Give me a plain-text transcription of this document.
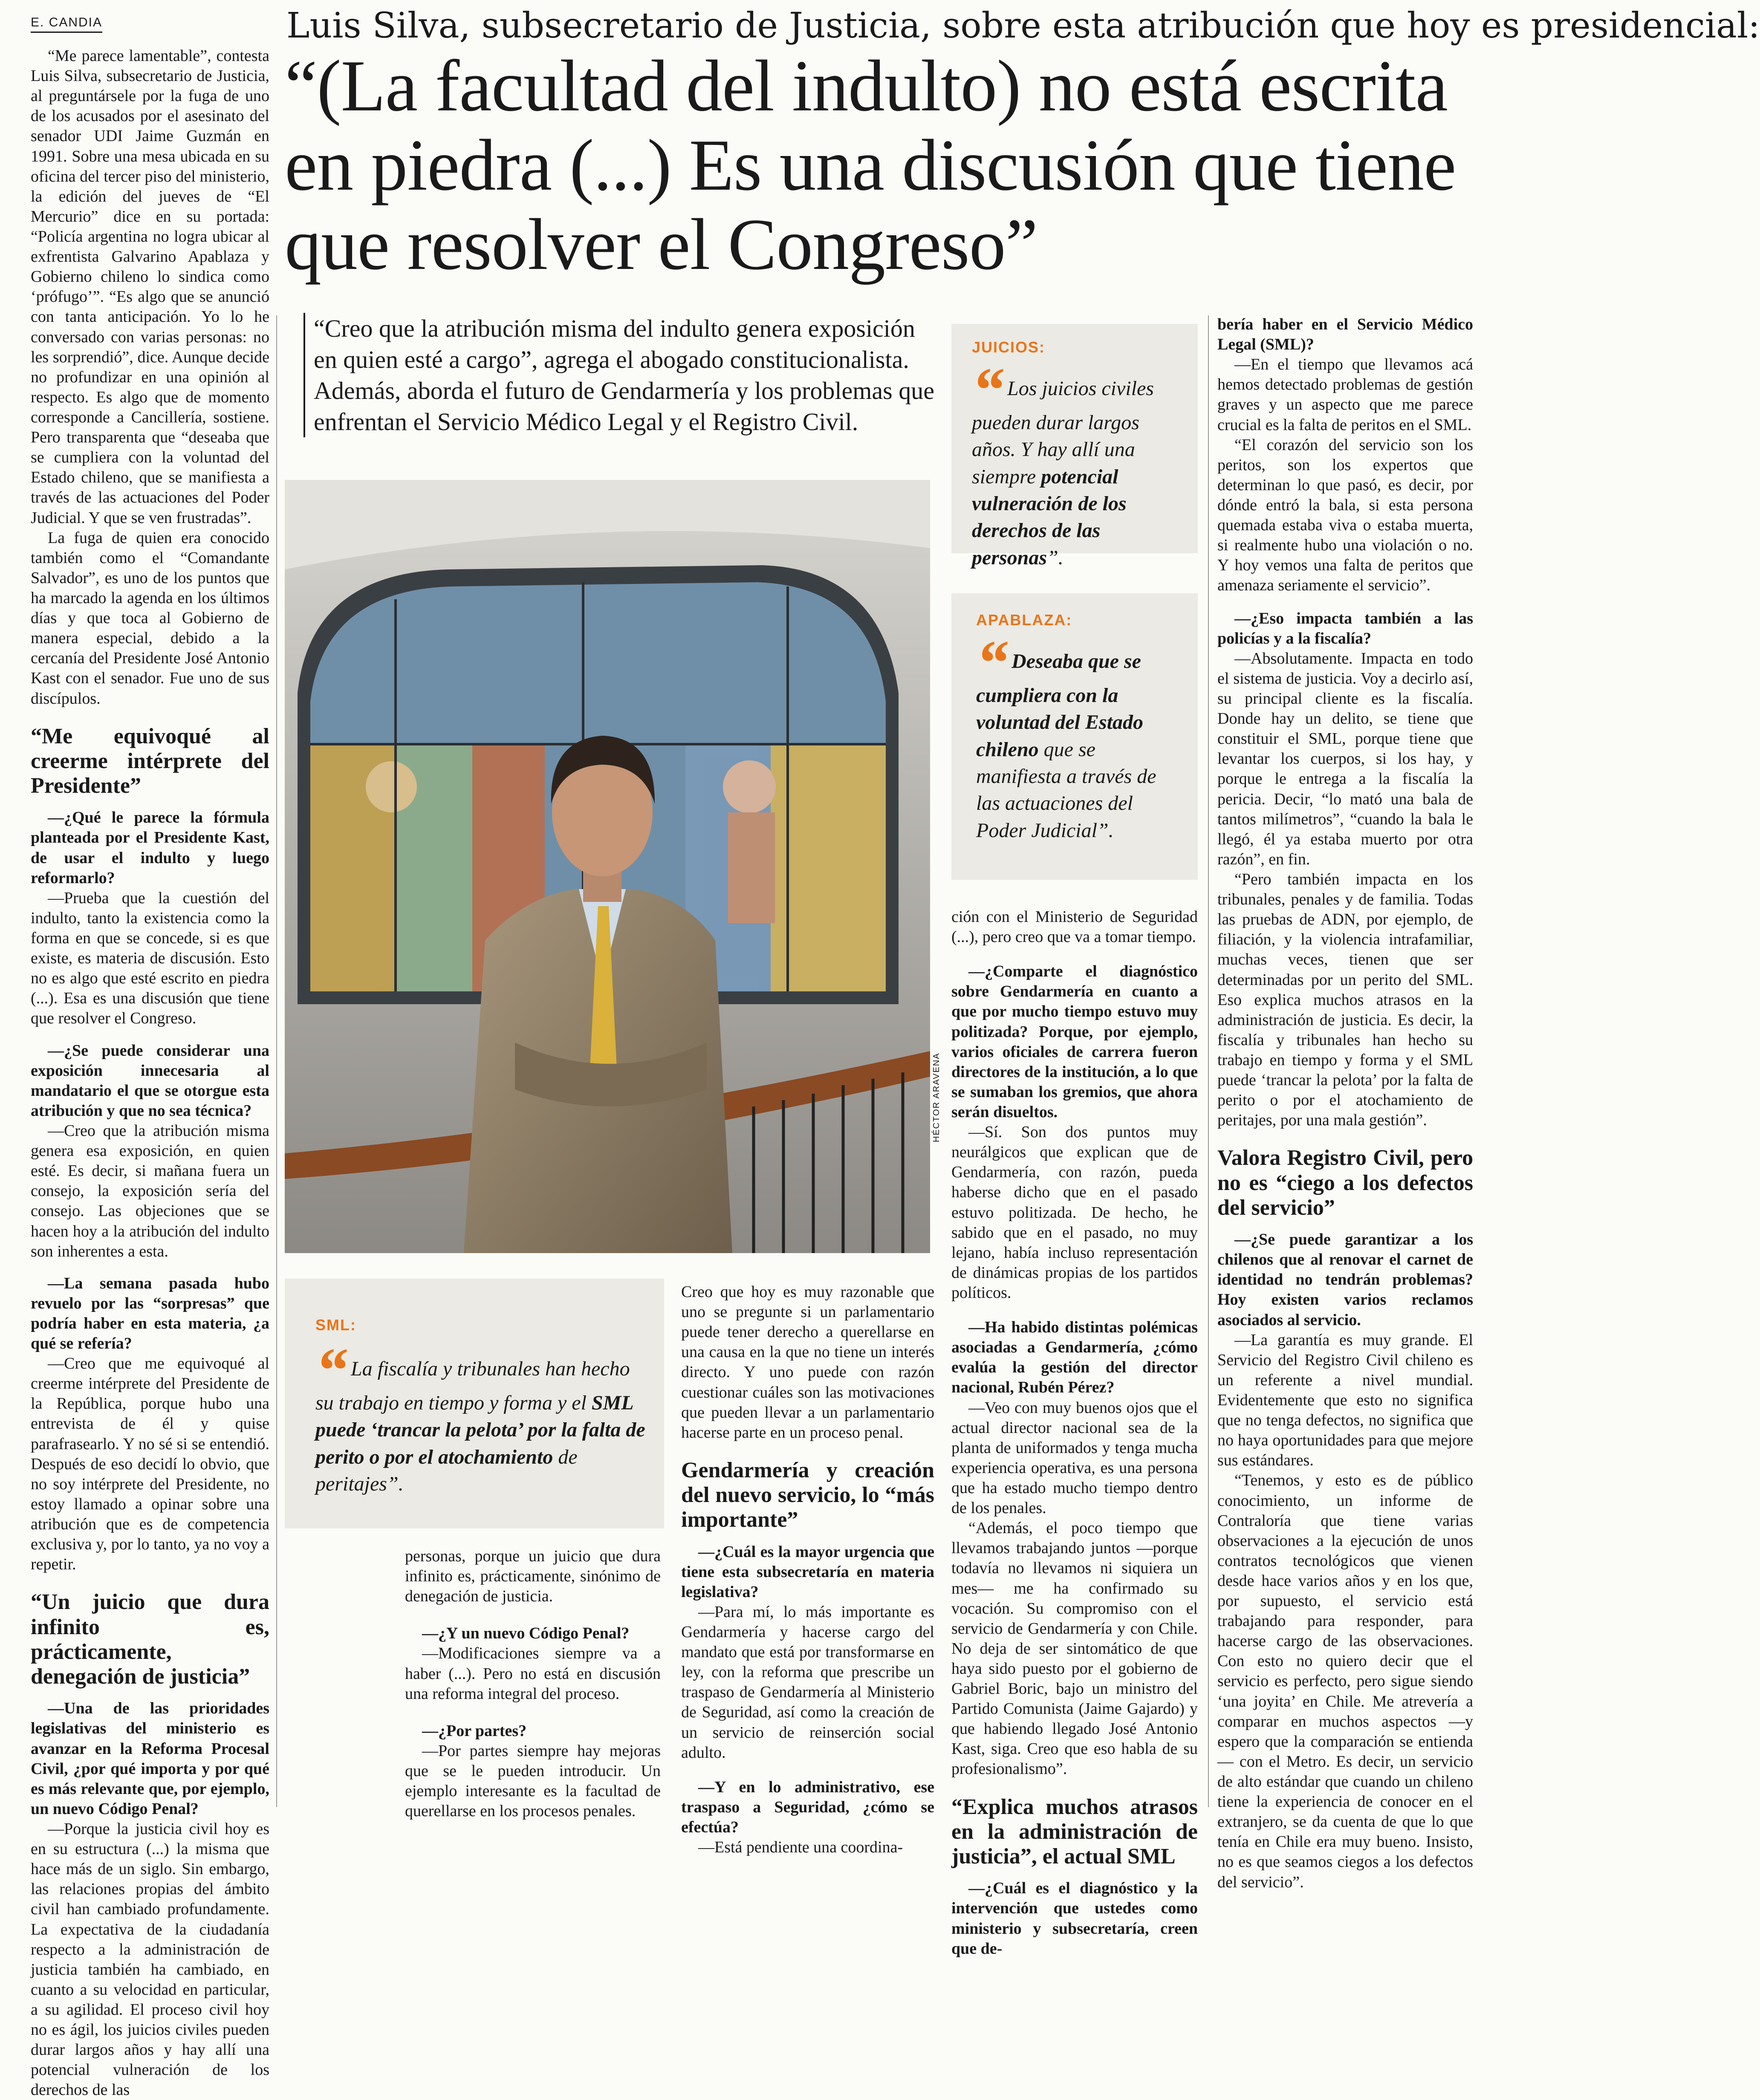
E. CANDIA	Luis Silva, subsecretario de Justicia, sobre esta atribución que hoy es presidencial:
“(La facultad del indulto) no está escrita en piedra (...) Es una discusión que tiene que resolver el Congreso”
“Creo que la atribución misma del indulto genera exposición en quien esté a cargo”, agrega el abogado constitucionalista. Además, aborda el futuro de Gendarmería y los problemas que enfrentan el Servicio Médico Legal y el Registro Civil.

“Me parece lamentable”, contesta Luis Silva, subsecretario de Justicia, al preguntársele por la fuga de uno de los acusados por el asesinato del senador UDI Jaime Guzmán en 1991. Sobre una mesa ubicada en su oficina del tercer piso del ministerio, la edición del jueves de “El Mercurio” dice en su portada: “Policía argentina no logra ubicar al exfrentista Galvarino Apablaza y Gobierno chileno lo sindica como ‘prófugo’”. “Es algo que se anunció con tanta anticipación. Yo lo he conversado con varias personas: no les sorprendió”, dice. Aunque decide no profundizar en una opinión al respecto. Es algo que de momento corresponde a Cancillería, sostiene. Pero transparenta que “deseaba que se cumpliera con la voluntad del Estado chileno, que se manifiesta a través de las actuaciones del Poder Judicial. Y que se ven frustradas”.

La fuga de quien era conocido también como el “Comandante Salvador”, es uno de los puntos que ha marcado la agenda en los últimos días y que toca al Gobierno de manera especial, debido a la cercanía del Presidente José Antonio Kast con el senador. Fue uno de sus discípulos.

“Me equivoqué al creerme intérprete del Presidente”

—¿Qué le parece la fórmula planteada por el Presidente Kast, de usar el indulto y luego reformarlo?

—Prueba que la cuestión del indulto, tanto la existencia como la forma en que se concede, si es que existe, es materia de discusión. Esto no es algo que esté escrito en piedra (...). Esa es una discusión que tiene que resolver el Congreso.

—¿Se puede considerar una exposición innecesaria al mandatario el que se otorgue esta atribución y que no sea técnica?

—Creo que la atribución misma genera esa exposición, en quien esté. Es decir, si mañana fuera un consejo, la exposición sería del consejo. Las objeciones que se hacen hoy a la atribución del indulto son inherentes a esta.

—La semana pasada hubo revuelo por las “sorpresas” que podría haber en esta materia, ¿a qué se refería?

—Creo que me equivoqué al creerme intérprete del Presidente de la República, porque hubo una entrevista de él y quise parafrasearlo. Y no sé si se entendió. Después de eso decidí lo obvio, que no soy intérprete del Presidente, no estoy llamado a opinar sobre una atribución que es de competencia exclusiva y, por lo tanto, ya no voy a repetir.

“Un juicio que dura infinito es, prácticamente, denegación de justicia”

—Una de las prioridades legislativas del ministerio es avanzar en la Reforma Procesal Civil, ¿por qué importa y por qué es más relevante que, por ejemplo, un nuevo Código Penal?

—Porque la justicia civil hoy es en su estructura (...) la misma que hace más de un siglo. Sin embargo, las relaciones propias del ámbito civil han cambiado profundamente. La expectativa de la ciudadanía respecto a la administración de justicia también ha cambiado, en cuanto a su velocidad en particular, a su agilidad. El proceso civil hoy no es ágil, los juicios civiles pueden durar largos años y hay allí una potencial vulneración de los derechos de las

HÉCTOR ARAVENA
JUICIOS:
“ Los juicios civiles pueden durar largos años. Y hay allí una siempre potencial vulneración de los derechos de las personas”.
APABLAZA:
“ Deseaba que se cumpliera con la voluntad del Estado chileno que se manifiesta a través de las actuaciones del Poder Judicial”.
SML:
“ La fiscalía y tribunales han hecho su trabajo en tiempo y forma y el SML puede ‘trancar la pelota’ por la falta de perito o por el atochamiento de peritajes”.

personas, porque un juicio que dura infinito es, prácticamente, sinónimo de denegación de justicia.

—¿Y un nuevo Código Penal?

—Modificaciones siempre va a haber (...). Pero no está en discusión una reforma integral del proceso.

—¿Por partes?

—Por partes siempre hay mejoras que se le pueden introducir. Un ejemplo interesante es la facultad de querellarse en los procesos penales.

Creo que hoy es muy razonable que uno se pregunte si un parlamentario puede tener derecho a querellarse en una causa en la que no tiene un interés directo. Y uno puede con razón cuestionar cuáles son las motivaciones que pueden llevar a un parlamentario hacerse parte en un proceso penal.

Gendarmería y creación del nuevo servicio, lo “más importante”

—¿Cuál es la mayor urgencia que tiene esta subsecretaría en materia legislativa?

—Para mí, lo más importante es Gendarmería y hacerse cargo del mandato que está por transformarse en ley, con la reforma que prescribe un traspaso de Gendarmería al Ministerio de Seguridad, así como la creación de un servicio de reinserción social adulto.

—Y en lo administrativo, ese traspaso a Seguridad, ¿cómo se efectúa?

—Está pendiente una coordina-

ción con el Ministerio de Seguridad (...), pero creo que va a tomar tiempo.

—¿Comparte el diagnóstico sobre Gendarmería en cuanto a que por mucho tiempo estuvo muy politizada? Porque, por ejemplo, varios oficiales de carrera fueron directores de la institución, a lo que se sumaban los gremios, que ahora serán disueltos.

—Sí. Son dos puntos muy neurálgicos que explican que de Gendarmería, con razón, pueda haberse dicho que en el pasado estuvo politizada. De hecho, he sabido que en el pasado, no muy lejano, había incluso representación de dinámicas propias de los partidos políticos.

—Ha habido distintas polémicas asociadas a Gendarmería, ¿cómo evalúa la gestión del director nacional, Rubén Pérez?

—Veo con muy buenos ojos que el actual director nacional sea de la planta de uniformados y tenga mucha experiencia operativa, es una persona que ha estado mucho tiempo dentro de los penales.

“Además, el poco tiempo que llevamos trabajando juntos —porque todavía no llevamos ni siquiera un mes— me ha confirmado su vocación. Su compromiso con el servicio de Gendarmería y con Chile. No deja de ser sintomático de que haya sido puesto por el gobierno de Gabriel Boric, bajo un ministro del Partido Comunista (Jaime Gajardo) y que habiendo llegado José Antonio Kast, siga. Creo que eso habla de su profesionalismo”.

“Explica muchos atrasos en la administración de justicia”, el actual SML

—¿Cuál es el diagnóstico y la intervención que ustedes como ministerio y subsecretaría, creen que de-

bería haber en el Servicio Médico Legal (SML)?

—En el tiempo que llevamos acá hemos detectado problemas de gestión graves y un aspecto que me parece crucial es la falta de peritos en el SML.

“El corazón del servicio son los peritos, son los expertos que determinan lo que pasó, es decir, por dónde entró la bala, si esta persona quemada estaba viva o estaba muerta, si realmente hubo una violación o no. Y hoy vemos una falta de peritos que amenaza seriamente el servicio”.

—¿Eso impacta también a las policías y a la fiscalía?

—Absolutamente. Impacta en todo el sistema de justicia. Voy a decirlo así, su principal cliente es la fiscalía. Donde hay un delito, se tiene que constituir el SML, porque tiene que levantar los cuerpos, si los hay, y porque le entrega a la fiscalía la pericia. Decir, “lo mató una bala de tantos milímetros”, “cuando la bala le llegó, él ya estaba muerto por otra razón”, en fin.

“Pero también impacta en los tribunales, penales y de familia. Todas las pruebas de ADN, por ejemplo, de filiación, y la violencia intrafamiliar, muchas veces, tienen que ser determinadas por un perito del SML. Eso explica muchos atrasos en la administración de justicia. Es decir, la fiscalía y tribunales han hecho su trabajo en tiempo y forma y el SML puede ‘trancar la pelota’ por la falta de perito o por el atochamiento de peritajes, por una mala gestión”.

Valora Registro Civil, pero no es “ciego a los defectos del servicio”

—¿Se puede garantizar a los chilenos que al renovar el carnet de identidad no tendrán problemas? Hoy existen varios reclamos asociados al servicio.

—La garantía es muy grande. El Servicio del Registro Civil chileno es un referente a nivel mundial. Evidentemente que esto no significa que no tenga defectos, no significa que no haya oportunidades para que mejore sus estándares.

“Tenemos, y esto es de público conocimiento, un informe de Contraloría que tiene varias observaciones a la ejecución de unos contratos tecnológicos que vienen desde hace varios años y en los que, por supuesto, el servicio está trabajando para responder, para hacerse cargo de las observaciones. Con esto no quiero decir que el servicio es perfecto, pero sigue siendo ‘una joyita’ en Chile. Me atrevería a comparar en muchos aspectos —y espero que la comparación se entienda— con el Metro. Es decir, un servicio de alto estándar que cuando un chileno tiene la experiencia de conocer en el extranjero, se da cuenta de que lo que tenía en Chile era muy bueno. Insisto, no es que seamos ciegos a los defectos del servicio”.
